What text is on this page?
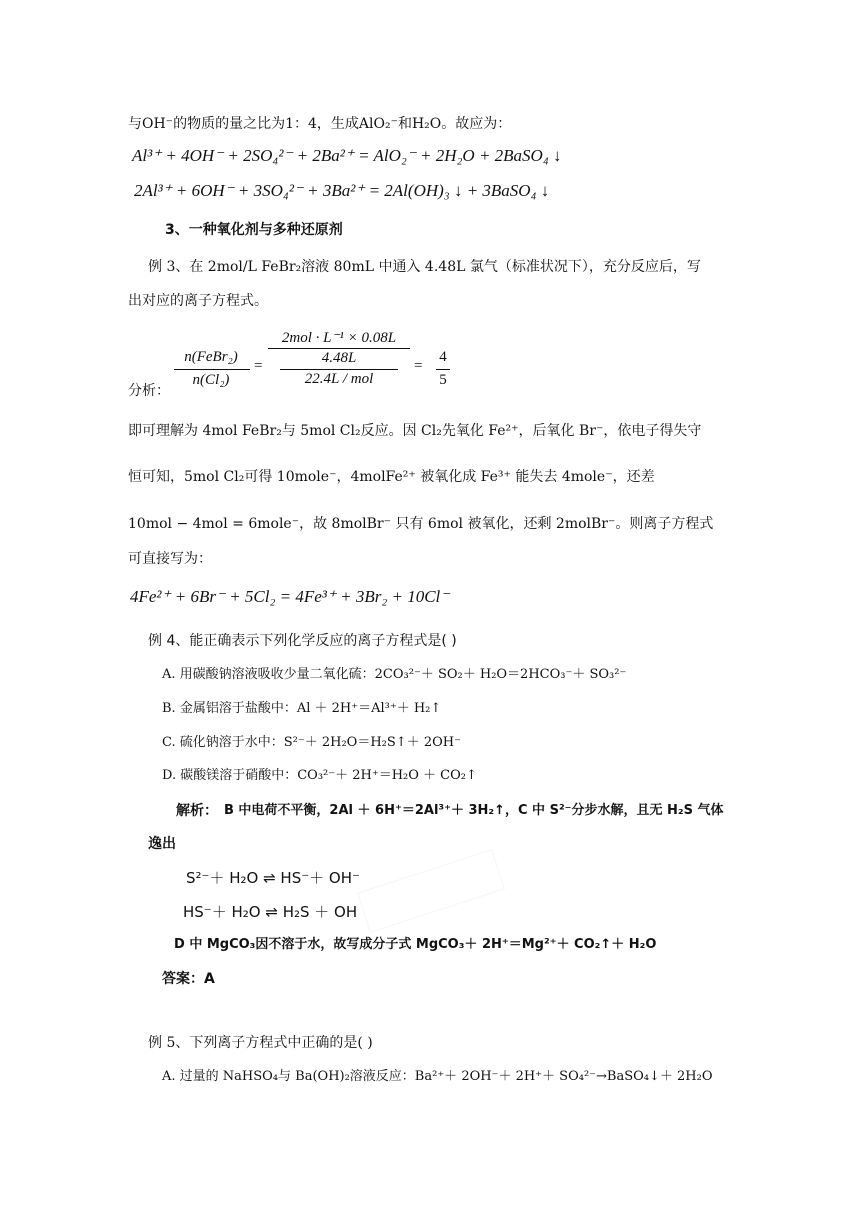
与OH⁻的物质的量之比为1：4，生成AlO₂⁻和H₂O。故应为：
Al³⁺ + 4OH⁻ + 2SO₄²⁻ + 2Ba²⁺ = AlO₂⁻ + 2H₂O + 2BaSO₄ ↓
2Al³⁺ + 6OH⁻ + 3SO₄²⁻ + 3Ba²⁺ = 2Al(OH)₃ ↓ + 3BaSO₄ ↓
3、一种氧化剂与多种还原剂
例 3、在 2mol/L FeBr₂溶液 80mL 中通入 4.48L 氯气（标准状况下），充分反应后，写
出对应的离子方程式。
n(FeBr₂)
n(Cl₂)
=
2mol · L⁻¹ × 0.08L
4.48L
22.4L / mol
=
4
5
分析：
即可理解为 4mol FeBr₂与 5mol Cl₂反应。因 Cl₂先氧化 Fe²⁺，后氧化 Br⁻，依电子得失守
恒可知，5mol Cl₂可得 10mole⁻，4molFe²⁺ 被氧化成 Fe³⁺ 能失去 4mole⁻，还差
10mol − 4mol = 6mole⁻，故 8molBr⁻ 只有 6mol 被氧化，还剩 2molBr⁻。则离子方程式
可直接写为：
4Fe²⁺ + 6Br⁻ + 5Cl₂ = 4Fe³⁺ + 3Br₂ + 10Cl⁻
例 4、能正确表示下列化学反应的离子方程式是( )
A. 用碳酸钠溶液吸收少量二氧化硫：2CO₃²⁻＋ SO₂＋ H₂O＝2HCO₃⁻＋ SO₃²⁻
B. 金属铝溶于盐酸中：Al ＋ 2H⁺＝Al³⁺＋ H₂↑
C. 硫化钠溶于水中：S²⁻＋ 2H₂O＝H₂S↑＋ 2OH⁻
D. 碳酸镁溶于硝酸中：CO₃²⁻＋ 2H⁺＝H₂O ＋ CO₂↑
解析： B 中电荷不平衡，2Al ＋ 6H⁺＝2Al³⁺＋ 3H₂↑，C 中 S²⁻分步水解，且无 H₂S 气体
逸出
S²⁻＋ H₂O ⇌ HS⁻＋ OH⁻
HS⁻＋ H₂O ⇌ H₂S ＋ OH
D 中 MgCO₃因不溶于水，故写成分子式 MgCO₃＋ 2H⁺＝Mg²⁺＋ CO₂↑＋ H₂O
答案：A
例 5、下列离子方程式中正确的是( )
A. 过量的 NaHSO₄与 Ba(OH)₂溶液反应：Ba²⁺＋ 2OH⁻＋ 2H⁺＋ SO₄²⁻→BaSO₄↓＋ 2H₂O
